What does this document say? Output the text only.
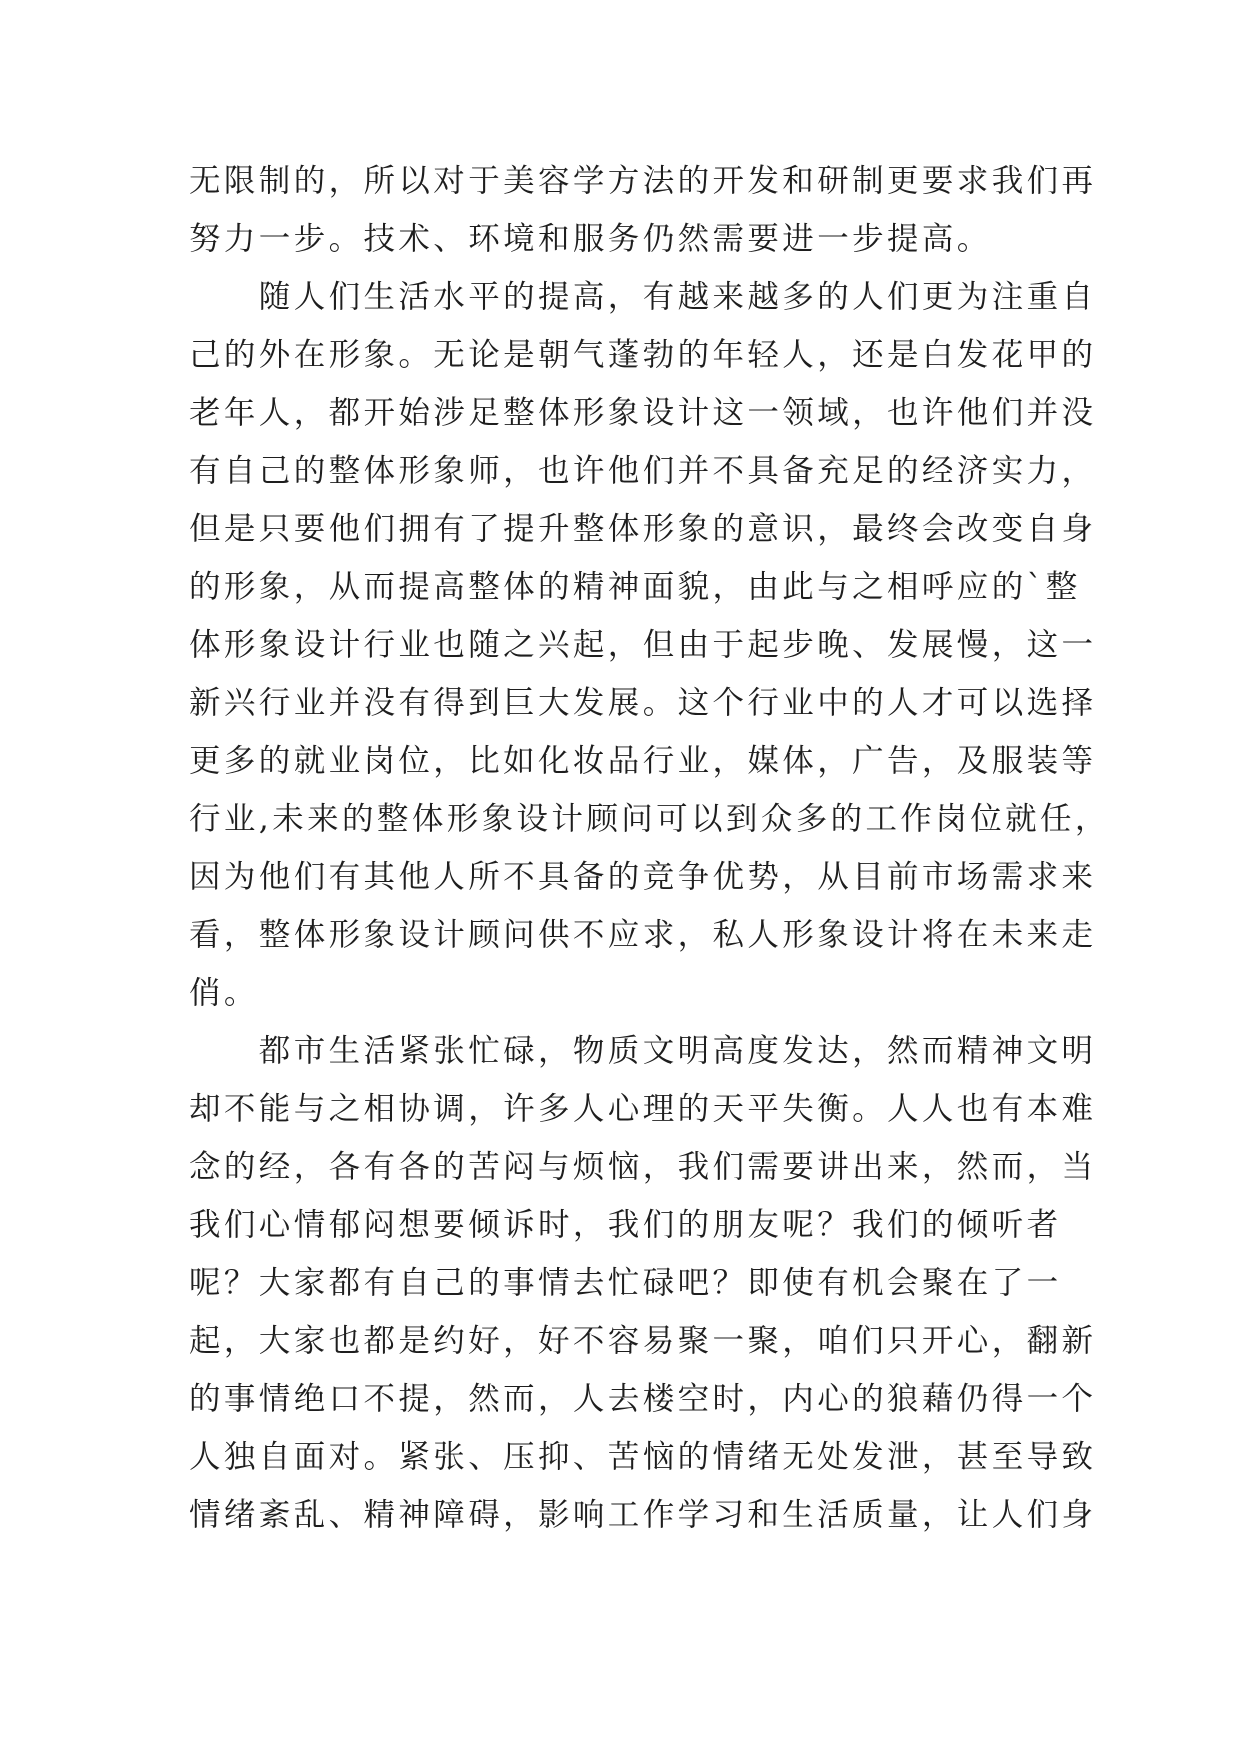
无限制的，所以对于美容学方法的开发和研制更要求我们再
努力一步。技术、环境和服务仍然需要进一步提高。
　　随人们生活水平的提高，有越来越多的人们更为注重自
己的外在形象。无论是朝气蓬勃的年轻人，还是白发花甲的
老年人，都开始涉足整体形象设计这一领域，也许他们并没
有自己的整体形象师，也许他们并不具备充足的经济实力，
但是只要他们拥有了提升整体形象的意识，最终会改变自身
的形象，从而提高整体的精神面貌，由此与之相呼应的`整
体形象设计行业也随之兴起，但由于起步晚、发展慢，这一
新兴行业并没有得到巨大发展。这个行业中的人才可以选择
更多的就业岗位，比如化妆品行业，媒体，广告，及服装等
行业,未来的整体形象设计顾问可以到众多的工作岗位就任，
因为他们有其他人所不具备的竞争优势，从目前市场需求来
看，整体形象设计顾问供不应求，私人形象设计将在未来走
俏。
　　都市生活紧张忙碌，物质文明高度发达，然而精神文明
却不能与之相协调，许多人心理的天平失衡。人人也有本难
念的经，各有各的苦闷与烦恼，我们需要讲出来，然而，当
我们心情郁闷想要倾诉时，我们的朋友呢？我们的倾听者
呢？大家都有自己的事情去忙碌吧？即使有机会聚在了一
起，大家也都是约好，好不容易聚一聚，咱们只开心，翻新
的事情绝口不提，然而，人去楼空时，内心的狼藉仍得一个
人独自面对。紧张、压抑、苦恼的情绪无处发泄，甚至导致
情绪紊乱、精神障碍，影响工作学习和生活质量，让人们身
